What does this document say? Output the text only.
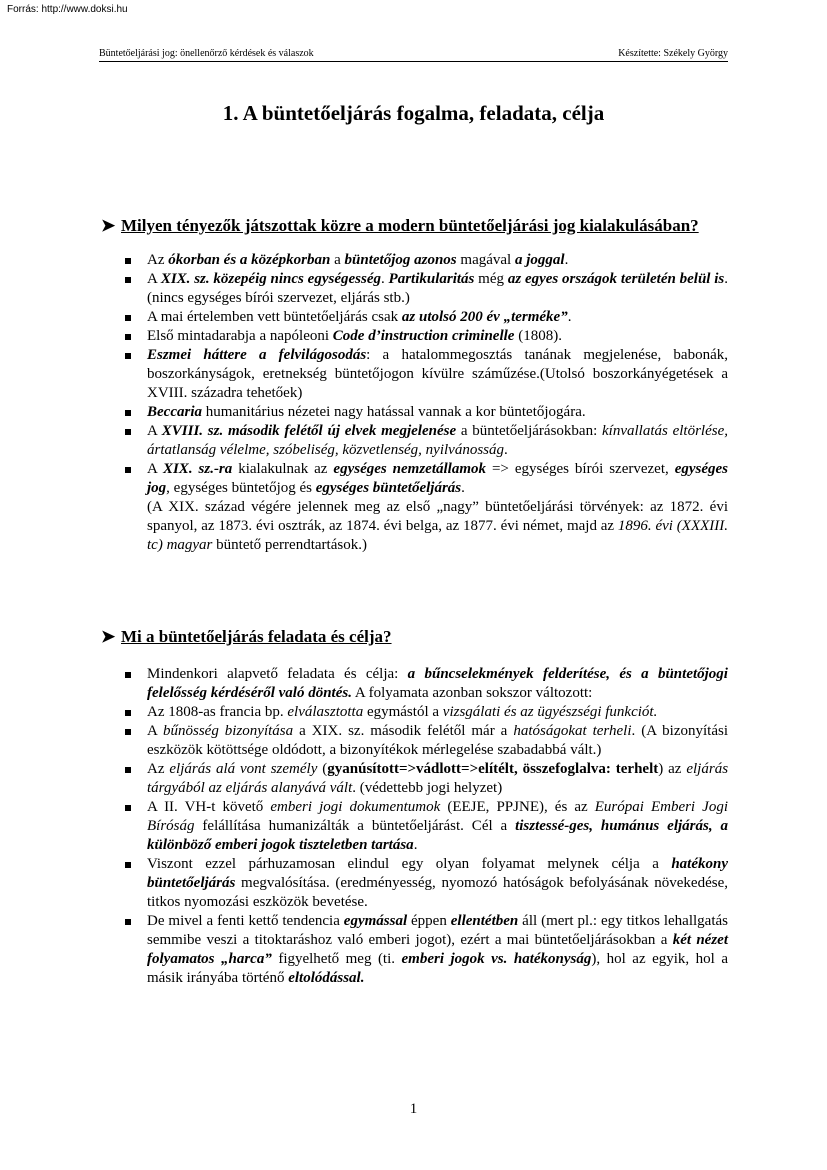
Forrás: http://www.doksi.hu
Büntetőeljárási jog: önellenőrző kérdések és válaszok	Készítette: Székely György
1. A büntetőeljárás fogalma, feladata, célja
➤ Milyen tényezők játszottak közre a modern büntetőeljárási jog kialakulásában?
Az ókorban és a középkorban a büntetőjog azonos magával a joggal.
A XIX. sz. közepéig nincs egységesség. Partikularitás még az egyes országok területén belül is. (nincs egységes bírói szervezet, eljárás stb.)
A mai értelemben vett büntetőeljárás csak az utolsó 200 év „terméke”.
Első mintadarabja a napóleoni Code d’instruction criminelle (1808).
Eszmei háttere a felvilágosodás: a hatalommegosztás tanának megjelenése, babonák, boszorkányságok, eretnekség büntetőjogon kívülre száműzése.(Utolsó boszorkányégetések a XVIII. századra tehetőek)
Beccaria humanitárius nézetei nagy hatással vannak a kor büntetőjogára.
A XVIII. sz. második felétől új elvek megjelenése a büntetőeljárásokban: kínvallatás eltörlése, ártatlanság vélelme, szóbeliség, közvetlenség, nyilvánosság.
A XIX. sz.-ra kialakulnak az egységes nemzetállamok => egységes bírói szervezet, egységes jog, egységes büntetőjog és egységes büntetőeljárás.
(A XIX. század végére jelennek meg az első „nagy” büntetőeljárási törvények: az 1872. évi spanyol, az 1873. évi osztrák, az 1874. évi belga, az 1877. évi német, majd az 1896. évi (XXXIII. tc) magyar büntető perrendtartások.)
➤ Mi a büntetőeljárás feladata és célja?
Mindenkori alapvető feladata és célja: a bűncselekmények felderítése, és a büntetőjogi felelősség kérdéséről való döntés. A folyamata azonban sokszor változott:
Az 1808-as francia bp. elválasztotta egymástól a vizsgálati és az ügyészségi funkciót.
A bűnösség bizonyítása a XIX. sz. második felétől már a hatóságokat terheli. (A bizonyítási eszközök kötöttsége oldódott, a bizonyítékok mérlegelése szabadabbá vált.)
Az eljárás alá vont személy (gyanúsított=>vádlott=>elítélt, összefoglalva: terhelt) az eljárás tárgyából az eljárás alanyává vált. (védettebb jogi helyzet)
A II. VH-t követő emberi jogi dokumentumok (EEJE, PPJNE), és az Európai Emberi Jogi Bíróság felállítása humanizálták a büntetőeljárást. Cél a tisztessé-ges, humánus eljárás, a különböző emberi jogok tiszteletben tartása.
Viszont ezzel párhuzamosan elindul egy olyan folyamat melynek célja a hatékony büntetőeljárás megvalósítása. (eredményesség, nyomozó hatóságok befolyásának növekedése, titkos nyomozási eszközök bevetése.
De mivel a fenti kettő tendencia egymással éppen ellentétben áll (mert pl.: egy titkos lehallgatás semmibe veszi a titoktaráshoz való emberi jogot), ezért a mai büntetőeljárásokban a két nézet folyamatos „harca” figyelhető meg (ti. emberi jogok vs. hatékonyság), hol az egyik, hol a másik irányába történő eltolódással.
1
